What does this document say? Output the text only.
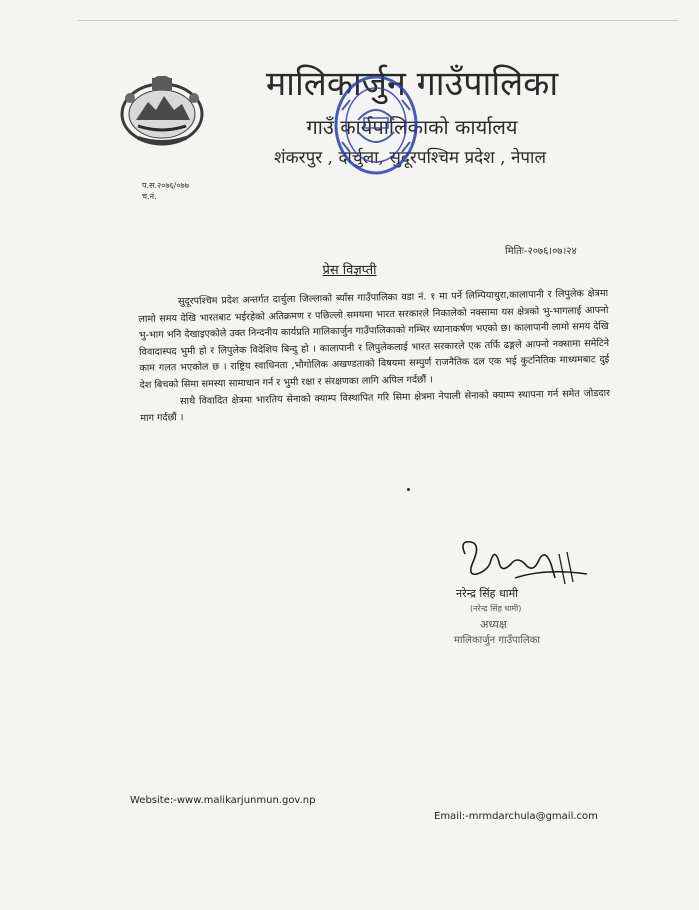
मालिकार्जुन गाउँपालिका
गाउँ कार्यपालिकाको कार्यालय
शंकरपुर , दार्चुला, सुदूरपश्चिम प्रदेश , नेपाल
प.स.२०७६/०७७
च.नं.
मितिः-२०७६।०७।२४
प्रेस विज्ञप्ती

सुदूरपश्चिम प्रदेश अन्तर्गत दार्चुला जिल्लाको ब्याँस गाउँपालिका वडा नं. १ मा पर्ने लिम्पियाधुरा,कालापानी र लिपुलेक क्षेत्रमा लामो समय देखि भारतबाट भईरहेको अतिक्रमण र पछिल्लो समयमा भारत सरकारले निकालेको नक्सामा यस क्षेत्रको भु-भागलाई आफ्नो भु-भाग भनि देखाइएकोले उक्त निन्दनीय कार्यप्रति मालिकार्जुन गाउँपालिकाको गम्भिर ध्यानाकर्षण भएको छ। कालापानी लामो समय देखि विवादास्पद भुमी हो र लिपुलेक विदेशिय बिन्दु हो । कालापानी र लिपुलेकलाई भारत सरकारले एक तर्फि ढङ्गले आफ्नो नक्सामा समेटिने काम गलत भएकोल छ । राष्ट्रिय स्वाधिनता ,भौगोलिक अखण्डताको विषयमा सम्पुर्ण राजनैतिक दल एक भई कुटनितिक माध्यमबाट दुई देश बिचको सिमा समस्या सामाधान गर्न र भुमी रक्षा र संरक्षणका लागि अपिल गर्दछौं ।

साथै विवादित क्षेत्रमा भारतिय सेनाको क्याम्प विस्थापित गरि सिमा क्षेत्रमा नेपाली सेनाको क्याम्प स्थापना गर्न समेत जोडदार माग गर्दछौं ।

नरेन्द्र सिंह धामी
(नरेन्द्र सिंह धामी)
अध्यक्ष
मालिकार्जुन गाउँपालिका
Website:-www.malikarjunmun.gov.np
Email:-mrmdarchula@gmail.com
